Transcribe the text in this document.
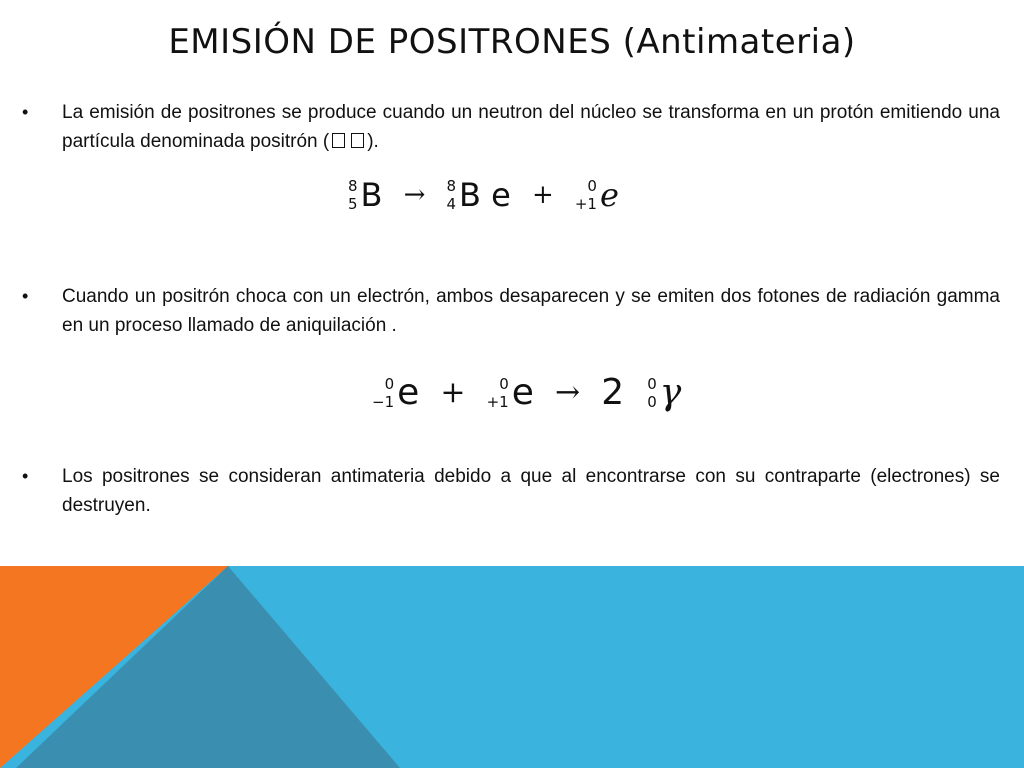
EMISIÓN DE POSITRONES (Antimateria)
• La emisión de positrones se produce cuando un neutron del núcleo se transforma en un protón emitiendo una partícula denominada positrón ( ).
8
5 B → 8
4 B e +	0
+1 e
• Cuando un positrón choca con un electrón, ambos desaparecen y se emiten dos fotones de radiación gamma en un proceso llamado de aniquilación .
0
−1 e +	0
+1 e → 2 0
0 γ
• Los positrones se consideran antimateria debido a que al encontrarse con su contraparte (electrones) se destruyen.
